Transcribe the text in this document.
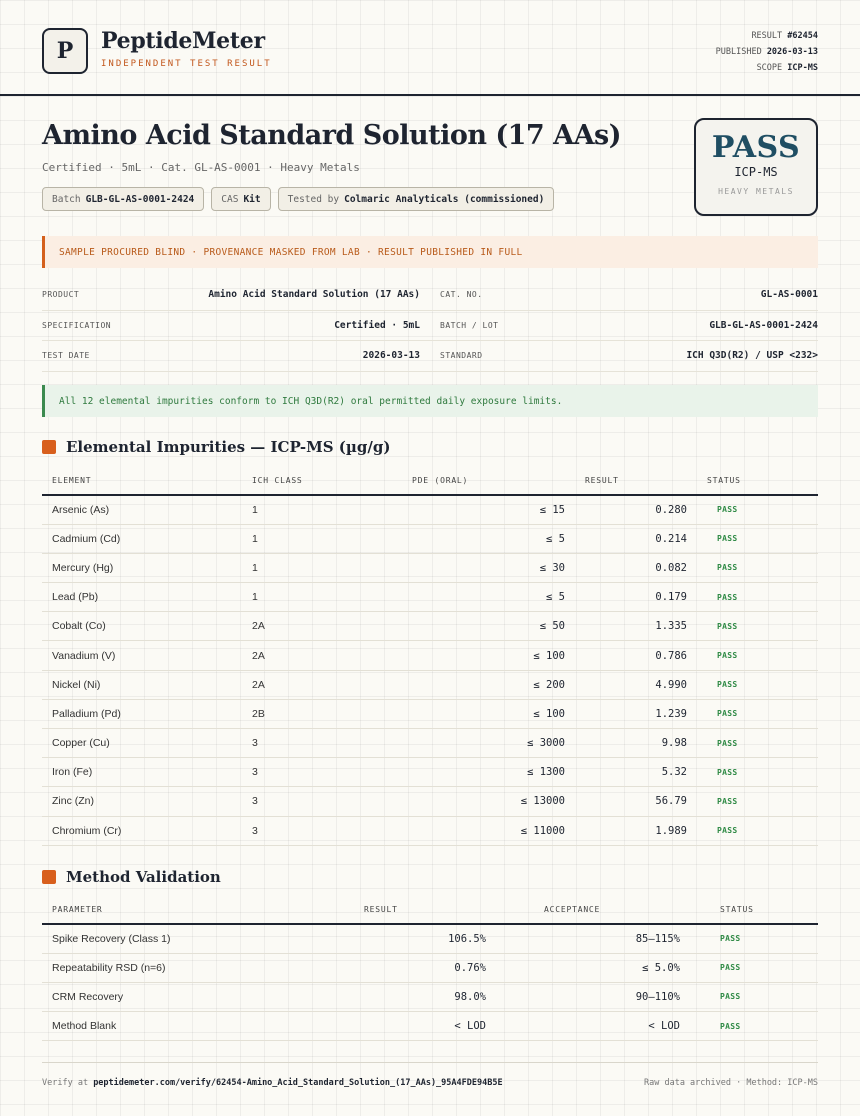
P	PeptideMeter
INDEPENDENT TEST RESULT
RESULT #62454
PUBLISHED 2026-03-13
SCOPE ICP-MS
Amino Acid Standard Solution (17 AAs)
Certified · 5mL · Cat. GL-AS-0001 · Heavy Metals
Batch GLB-GL-AS-0001-2424	CAS Kit	Tested by Colmaric Analyticals (commissioned)
PASS
ICP-MS
HEAVY METALS
SAMPLE PROCURED BLIND · PROVENANCE MASKED FROM LAB · RESULT PUBLISHED IN FULL
PRODUCT	Amino Acid Standard Solution (17 AAs)	CAT. NO.	GL-AS-0001
SPECIFICATION	Certified · 5mL	BATCH / LOT	GLB-GL-AS-0001-2424
TEST DATE	2026-03-13	STANDARD	ICH Q3D(R2) / USP <232>
All 12 elemental impurities conform to ICH Q3D(R2) oral permitted daily exposure limits.
Elemental Impurities — ICP-MS (µg/g)
ELEMENT	ICH CLASS	PDE (ORAL)	RESULT	STATUS
Arsenic (As)	1	≤ 15	0.280	PASS
Cadmium (Cd)	1	≤ 5	0.214	PASS
Mercury (Hg)	1	≤ 30	0.082	PASS
Lead (Pb)	1	≤ 5	0.179	PASS
Cobalt (Co)	2A	≤ 50	1.335	PASS
Vanadium (V)	2A	≤ 100	0.786	PASS
Nickel (Ni)	2A	≤ 200	4.990	PASS
Palladium (Pd)	2B	≤ 100	1.239	PASS
Copper (Cu)	3	≤ 3000	9.98	PASS
Iron (Fe)	3	≤ 1300	5.32	PASS
Zinc (Zn)	3	≤ 13000	56.79	PASS
Chromium (Cr)	3	≤ 11000	1.989	PASS
Method Validation
PARAMETER	RESULT	ACCEPTANCE	STATUS
Spike Recovery (Class 1)	106.5%	85–115%	PASS
Repeatability RSD (n=6)	0.76%	≤ 5.0%	PASS
CRM Recovery	98.0%	90–110%	PASS
Method Blank	< LOD	< LOD	PASS
Verify at peptidemeter.com/verify/62454-Amino_Acid_Standard_Solution_(17_AAs)_95A4FDE94B5E	Raw data archived · Method: ICP-MS
